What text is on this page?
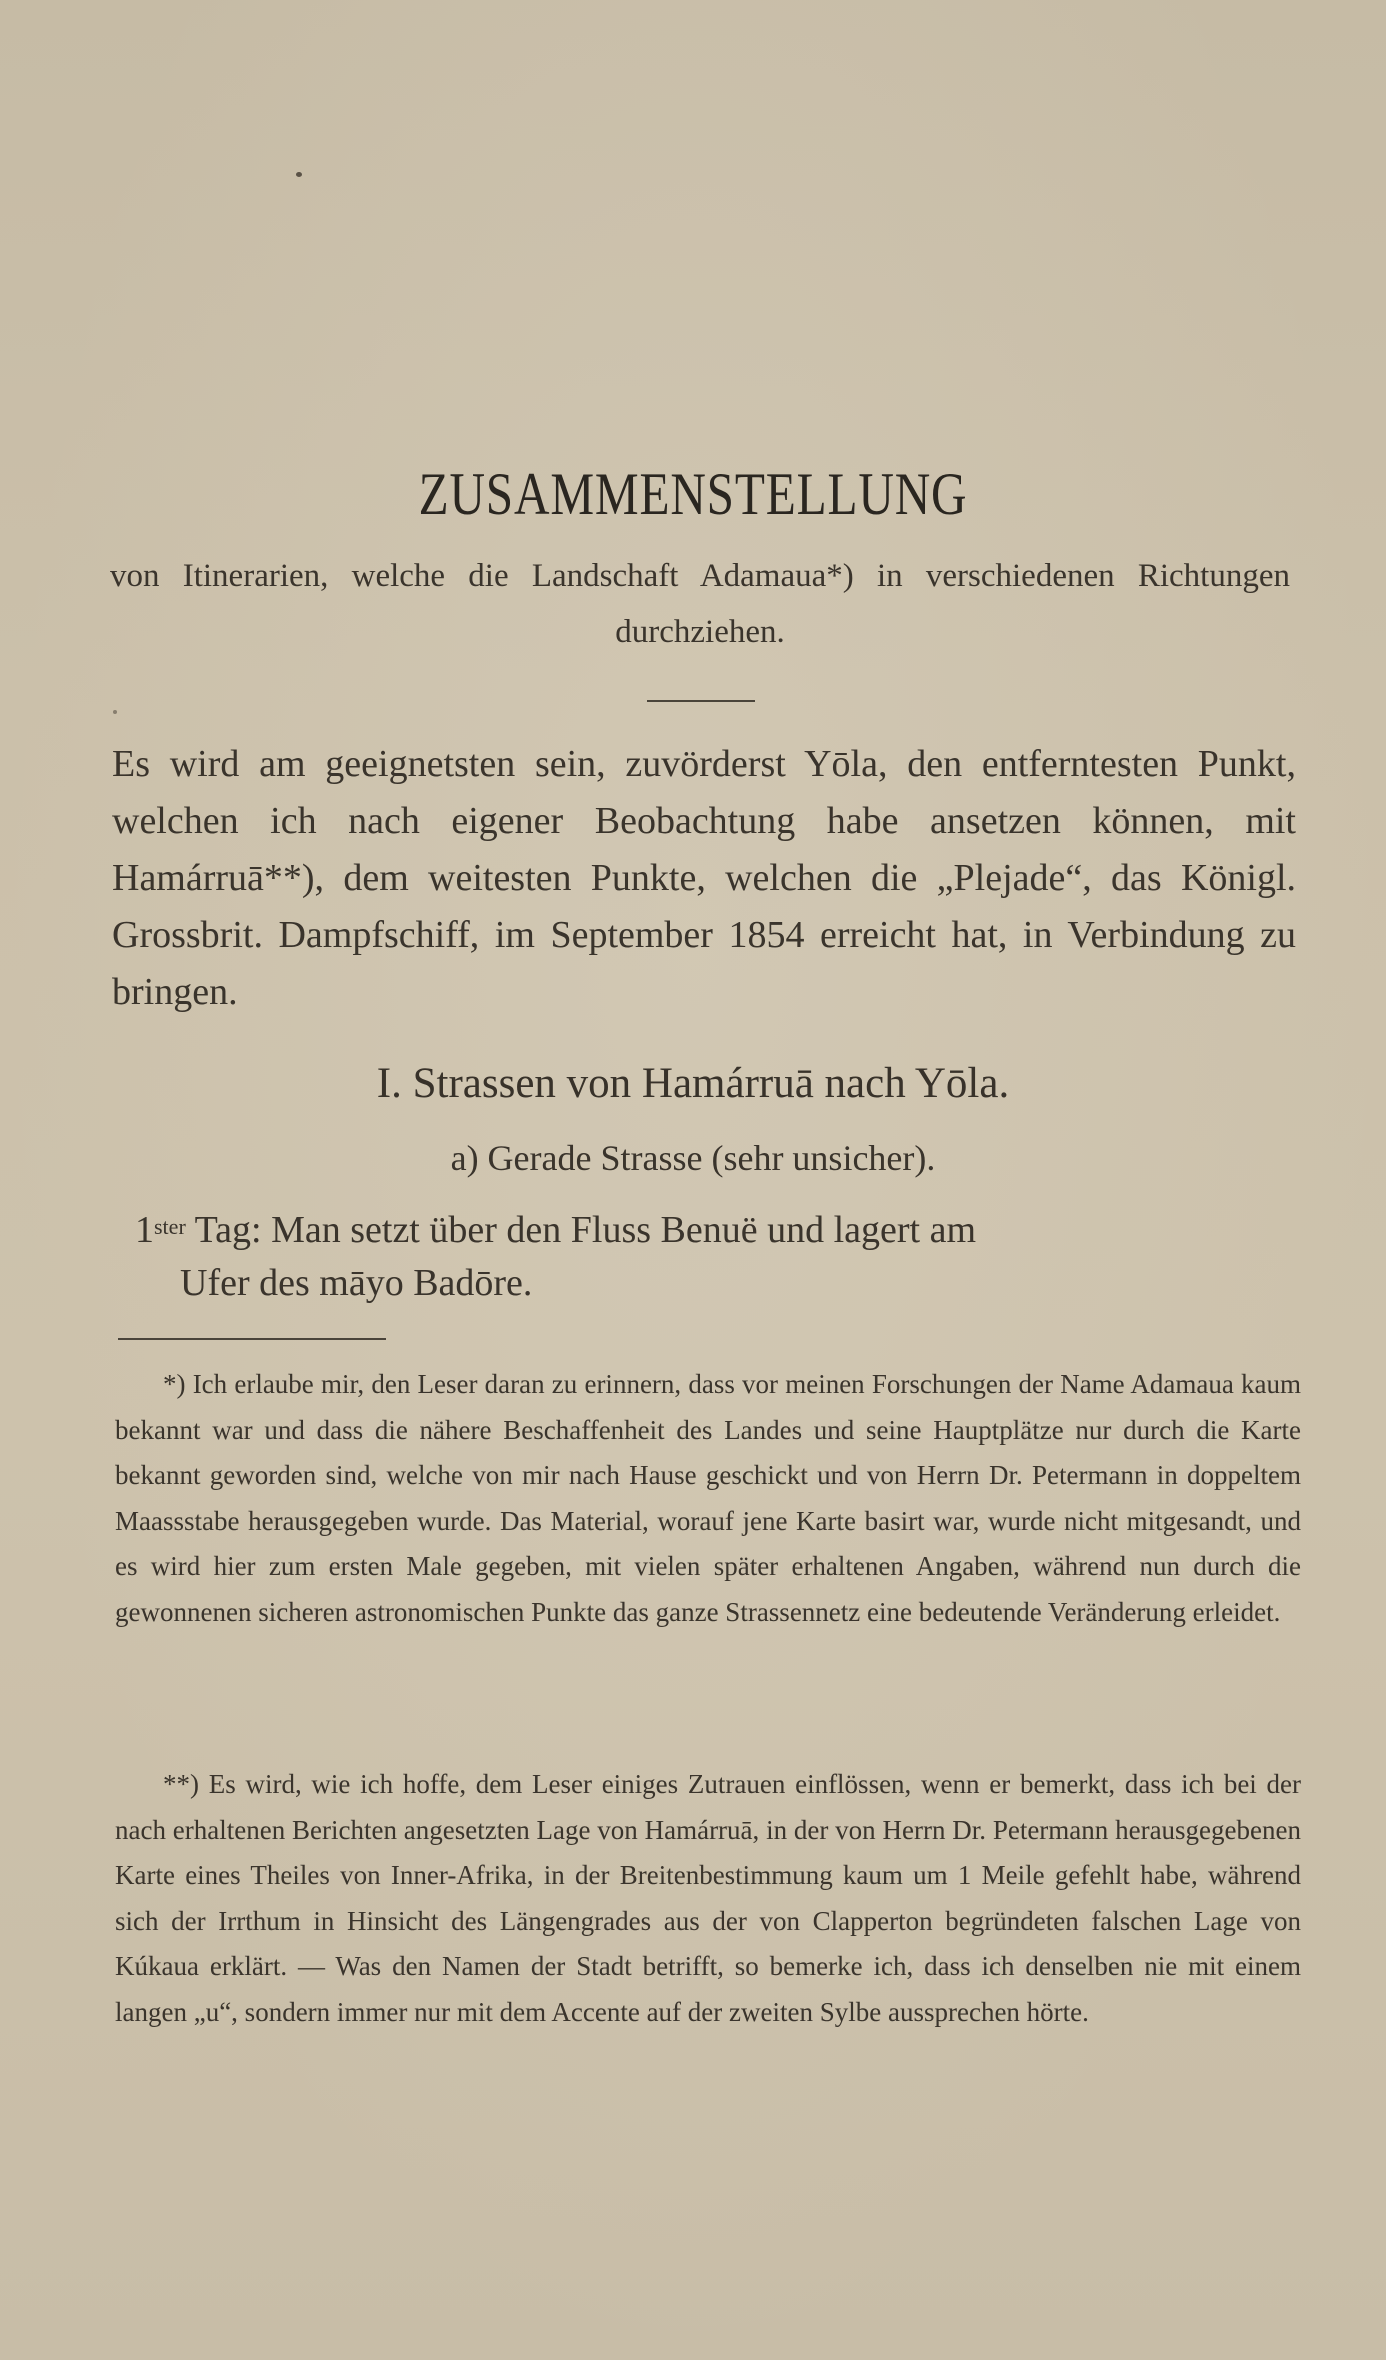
ZUSAMMENSTELLUNG
von Itinerarien, welche die Landschaft Adamaua*) in verschiedenen Richtungen durchziehen.
Es wird am geeignetsten sein, zuvörderst Yōla, den entferntesten Punkt, welchen ich nach eigener Beobachtung habe ansetzen können, mit Hamárruā**), dem weitesten Punkte, welchen die „Plejade“, das Königl. Grossbrit. Dampfschiff, im September 1854 erreicht hat, in Verbindung zu bringen.
I. Strassen von Hamárruā nach Yōla.
a) Gerade Strasse (sehr unsicher).
$1^{ster}$ Tag: Man setzt über den Fluss Benuë und lagert am
Ufer des māyo Badōre.
*) Ich erlaube mir, den Leser daran zu erinnern, dass vor meinen Forschungen der Name Adamaua kaum bekannt war und dass die nähere Beschaffenheit des Landes und seine Hauptplätze nur durch die Karte bekannt geworden sind, welche von mir nach Hause geschickt und von Herrn Dr. Petermann in doppeltem Maassstabe herausgegeben wurde. Das Material, worauf jene Karte basirt war, wurde nicht mitgesandt, und es wird hier zum ersten Male gegeben, mit vielen später erhaltenen Angaben, während nun durch die gewonnenen sicheren astronomischen Punkte das ganze Strassennetz eine bedeutende Veränderung erleidet.
**) Es wird, wie ich hoffe, dem Leser einiges Zutrauen einflössen, wenn er bemerkt, dass ich bei der nach erhaltenen Berichten angesetzten Lage von Hamárruā, in der von Herrn Dr. Petermann herausgegebenen Karte eines Theiles von Inner-Afrika, in der Breitenbestimmung kaum um 1 Meile gefehlt habe, während sich der Irrthum in Hinsicht des Längengrades aus der von Clapperton begründeten falschen Lage von Kúkaua erklärt. — Was den Namen der Stadt betrifft, so bemerke ich, dass ich denselben nie mit einem langen „u“, sondern immer nur mit dem Accente auf der zweiten Sylbe aussprechen hörte.
